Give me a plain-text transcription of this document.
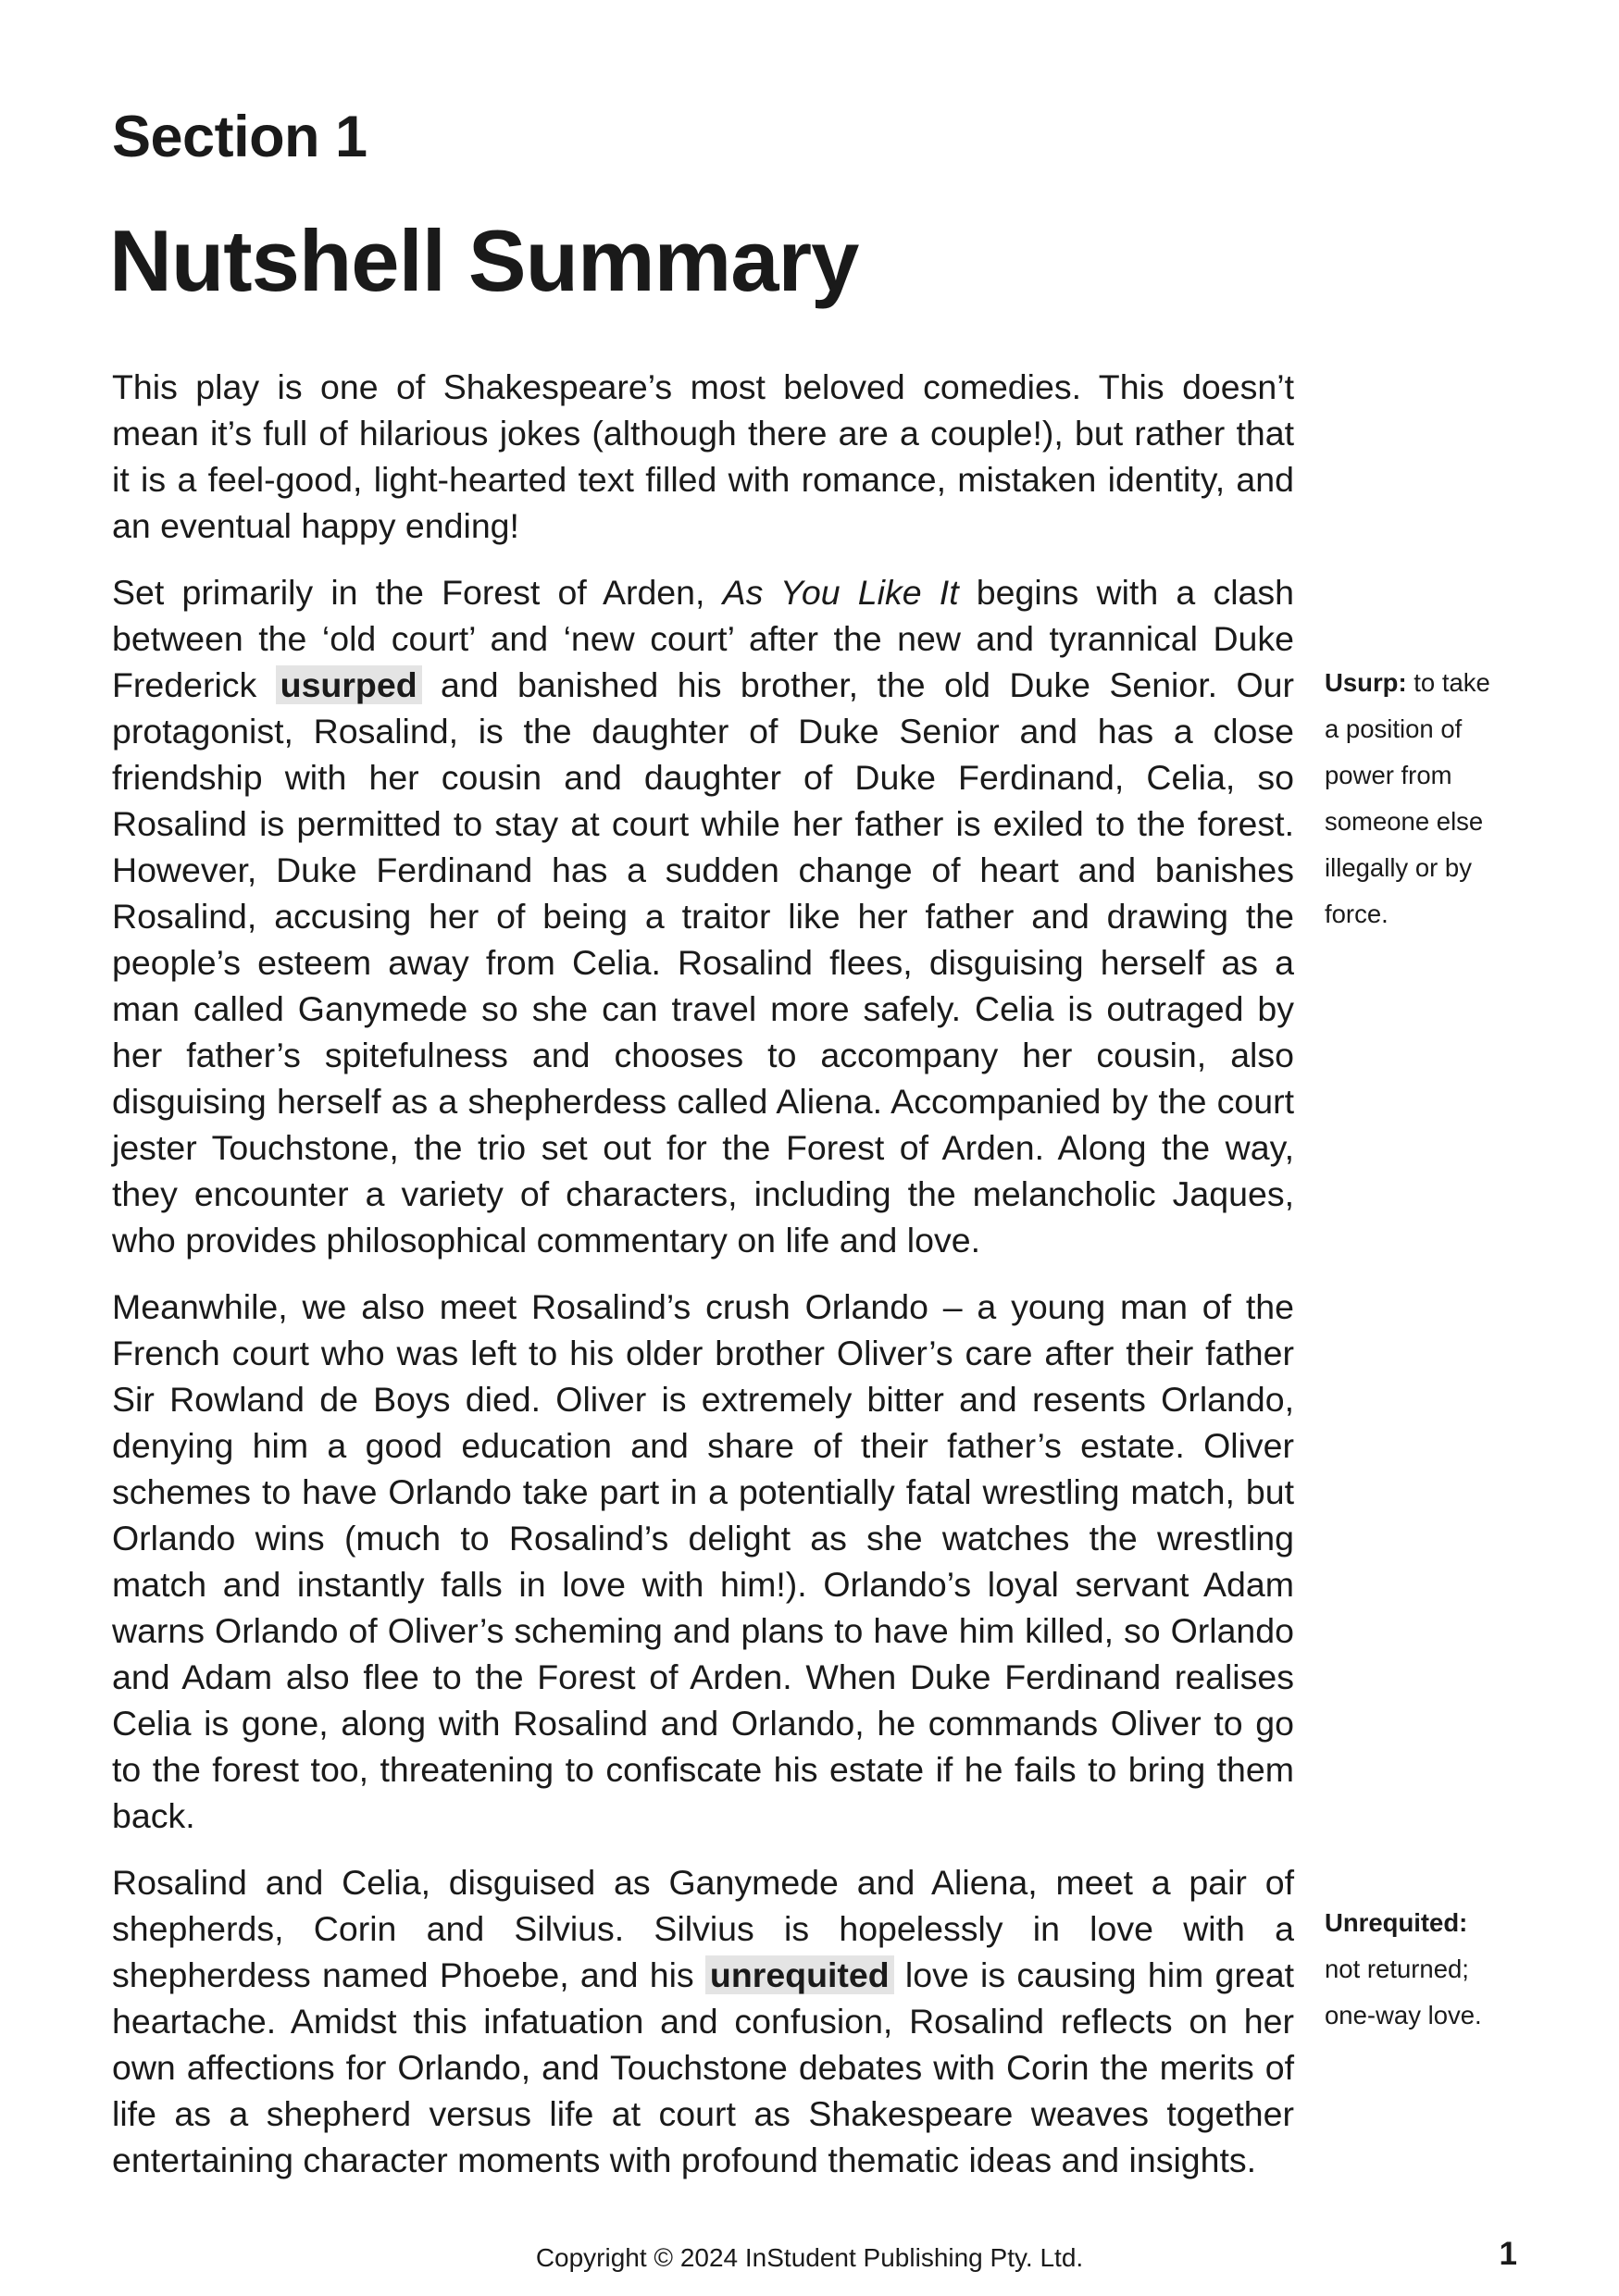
Section 1
Nutshell Summary

This play is one of Shakespeare’s most beloved comedies. This doesn’t mean it’s full of hilarious jokes (although there are a couple!), but rather that it is a feel-good, light-hearted text filled with romance, mistaken identity, and an eventual happy ending!

Set primarily in the Forest of Arden, As You Like It begins with a clash between the ‘old court’ and ‘new court’ after the new and tyrannical Duke Frederick usurped and banished his brother, the old Duke Senior. Our protagonist, Rosalind, is the daughter of Duke Senior and has a close friendship with her cousin and daughter of Duke Ferdinand, Celia, so Rosalind is permitted to stay at court while her father is exiled to the forest. However, Duke Ferdinand has a sudden change of heart and banishes Rosalind, accusing her of being a traitor like her father and drawing the people’s esteem away from Celia. Rosalind flees, disguising herself as a man called Ganymede so she can travel more safely. Celia is outraged by her father’s spitefulness and chooses to accompany her cousin, also disguising herself as a shepherdess called Aliena. Accompanied by the court jester Touchstone, the trio set out for the Forest of Arden. Along the way, they encounter a variety of characters, including the melancholic Jaques, who provides philosophical commentary on life and love.

Meanwhile, we also meet Rosalind’s crush Orlando – a young man of the French court who was left to his older brother Oliver’s care after their father Sir Rowland de Boys died. Oliver is extremely bitter and resents Orlando, denying him a good education and share of their father’s estate. Oliver schemes to have Orlando take part in a potentially fatal wrestling match, but Orlando wins (much to Rosalind’s delight as she watches the wrestling match and instantly falls in love with him!). Orlando’s loyal servant Adam warns Orlando of Oliver’s scheming and plans to have him killed, so Orlando and Adam also flee to the Forest of Arden. When Duke Ferdinand realises Celia is gone, along with Rosalind and Orlando, he commands Oliver to go to the forest too, threatening to confiscate his estate if he fails to bring them back.

Rosalind and Celia, disguised as Ganymede and Aliena, meet a pair of shepherds, Corin and Silvius. Silvius is hopelessly in love with a shepherdess named Phoebe, and his unrequited love is causing him great heartache. Amidst this infatuation and confusion, Rosalind reflects on her own affections for Orlando, and Touchstone debates with Corin the merits of life as a shepherd versus life at court as Shakespeare weaves together entertaining character moments with profound thematic ideas and insights.

Usurp: to take
a position of
power from
someone else
illegally or by
force.
Unrequited:
not returned;
one-way love.
Copyright © 2024 InStudent Publishing Pty. Ltd.	1
